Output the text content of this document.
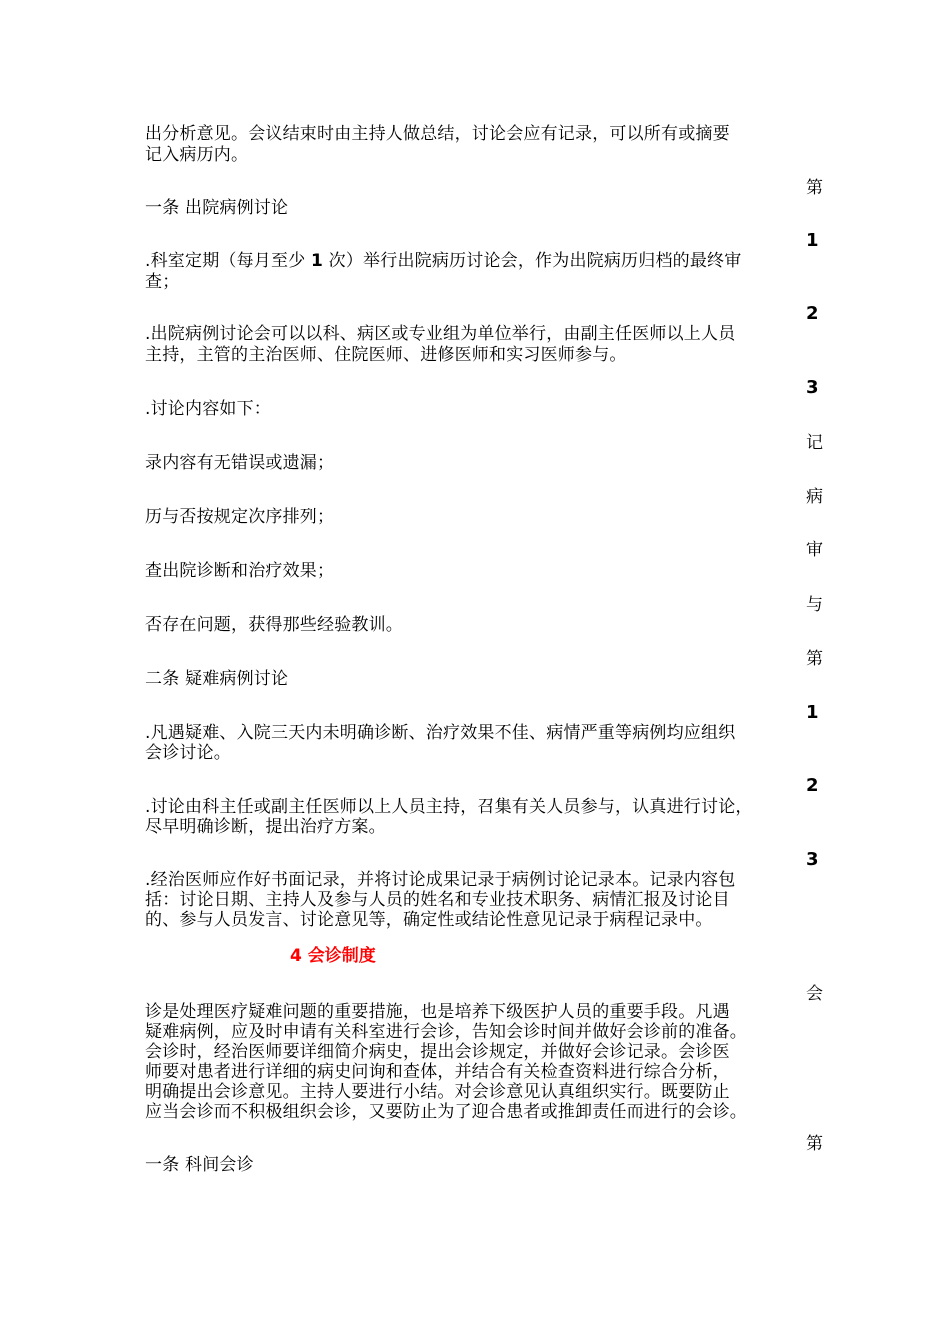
出分析意见。会议结束时由主持人做总结，讨论会应有记录，可以所有或摘要
记入病历内。
第
一条 出院病例讨论
1
.科室定期（每月至少 1 次）举行出院病历讨论会，作为出院病历归档的最终审
查；
2
.出院病例讨论会可以以科、病区或专业组为单位举行，由副主任医师以上人员
主持，主管的主治医师、住院医师、进修医师和实习医师参与。
3
.讨论内容如下：
记
录内容有无错误或遗漏；
病
历与否按规定次序排列；
审
查出院诊断和治疗效果；
与
否存在问题，获得那些经验教训。
第
二条 疑难病例讨论
1
.凡遇疑难、入院三天内未明确诊断、治疗效果不佳、病情严重等病例均应组织
会诊讨论。
2
.讨论由科主任或副主任医师以上人员主持，召集有关人员参与，认真进行讨论，
尽早明确诊断，提出治疗方案。
3
.经治医师应作好书面记录，并将讨论成果记录于病例讨论记录本。记录内容包
括：讨论日期、主持人及参与人员的姓名和专业技术职务、病情汇报及讨论目
的、参与人员发言、讨论意见等，确定性或结论性意见记录于病程记录中。
4 会诊制度
会
诊是处理医疗疑难问题的重要措施，也是培养下级医护人员的重要手段。凡遇
疑难病例，应及时申请有关科室进行会诊，告知会诊时间并做好会诊前的准备。
会诊时，经治医师要详细简介病史，提出会诊规定，并做好会诊记录。会诊医
师要对患者进行详细的病史问询和查体，并结合有关检查资料进行综合分析，
明确提出会诊意见。主持人要进行小结。对会诊意见认真组织实行。既要防止
应当会诊而不积极组织会诊，又要防止为了迎合患者或推卸责任而进行的会诊。
第
一条 科间会诊
